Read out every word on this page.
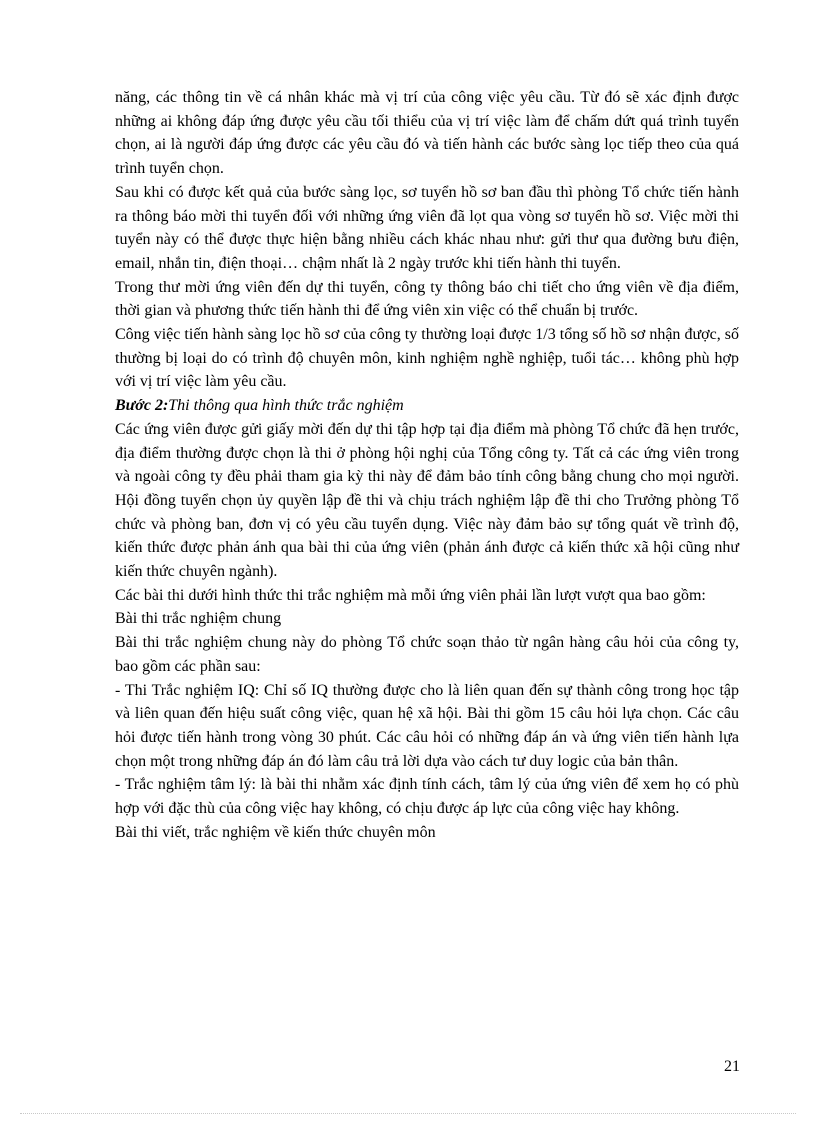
năng, các thông tin về cá nhân khác mà vị trí của công việc yêu cầu. Từ đó sẽ xác định được những ai không đáp ứng được yêu cầu tối thiểu của vị trí việc làm để chấm dứt quá trình tuyển chọn, ai là người đáp ứng được các yêu cầu đó và tiến hành các bước sàng lọc tiếp theo của quá trình tuyển chọn.

Sau khi có được kết quả của bước sàng lọc, sơ tuyển hồ sơ ban đầu thì phòng Tổ chức tiến hành ra thông báo mời thi tuyển đối với những ứng viên đã lọt qua vòng sơ tuyển hồ sơ. Việc mời thi tuyển này có thể được thực hiện bằng nhiều cách khác nhau như: gửi thư qua đường bưu điện, email, nhắn tin, điện thoại… chậm nhất là 2 ngày trước khi tiến hành thi tuyển.

Trong thư mời ứng viên đến dự thi tuyển, công ty thông báo chi tiết cho ứng viên về địa điểm, thời gian và phương thức tiến hành thi để ứng viên xin việc có thể chuẩn bị trước.

Công việc tiến hành sàng lọc hồ sơ của công ty thường loại được 1/3 tổng số hồ sơ nhận được, số thường bị loại do có trình độ chuyên môn, kinh nghiệm nghề nghiệp, tuổi tác… không phù hợp với vị trí việc làm yêu cầu.

Bước 2:Thi thông qua hình thức trắc nghiệm

Các ứng viên được gửi giấy mời đến dự thi tập hợp tại địa điểm mà phòng Tổ chức đã hẹn trước, địa điểm thường được chọn là thi ở phòng hội nghị của Tổng công ty. Tất cả các ứng viên trong và ngoài công ty đều phải tham gia kỳ thi này để đảm bảo tính công bằng chung cho mọi người. Hội đồng tuyển chọn ủy quyền lập đề thi và chịu trách nghiệm lập đề thi cho Trưởng phòng Tổ chức và phòng ban, đơn vị có yêu cầu tuyển dụng. Việc này đảm bảo sự tổng quát về trình độ, kiến thức được phản ánh qua bài thi của ứng viên (phản ánh được cả kiến thức xã hội cũng như kiến thức chuyên ngành).

Các bài thi dưới hình thức thi trắc nghiệm mà mỗi ứng viên phải lần lượt vượt qua bao gồm:

Bài thi trắc nghiệm chung

Bài thi trắc nghiệm chung này do phòng Tổ chức soạn thảo từ ngân hàng câu hỏi của công ty, bao gồm các phần sau:

- Thi Trắc nghiệm IQ: Chỉ số IQ thường được cho là liên quan đến sự thành công trong học tập và liên quan đến hiệu suất công việc, quan hệ xã hội. Bài thi gồm 15 câu hỏi lựa chọn. Các câu hỏi được tiến hành trong vòng 30 phút. Các câu hỏi có những đáp án và ứng viên tiến hành lựa chọn một trong những đáp án đó làm câu trả lời dựa vào cách tư duy logic của bản thân.

- Trắc nghiệm tâm lý: là bài thi nhằm xác định tính cách, tâm lý của ứng viên để xem họ có phù hợp với đặc thù của công việc hay không, có chịu được áp lực của công việc hay không.

Bài thi viết, trắc nghiệm về kiến thức chuyên môn

21
